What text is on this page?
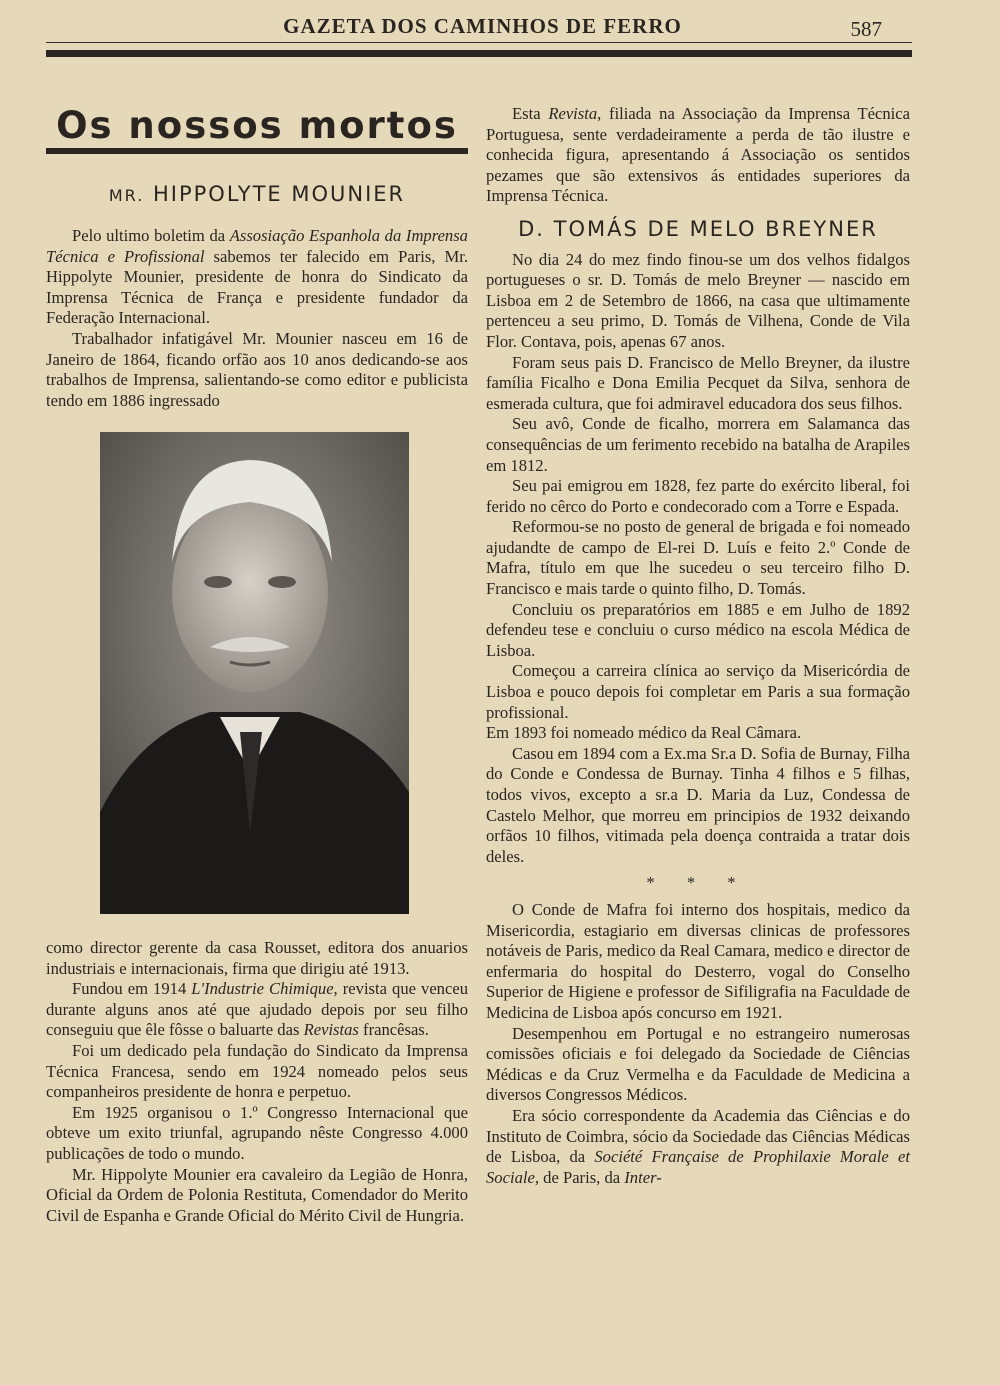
GAZETA DOS CAMINHOS DE FERRO	587
Os nossos mortos
MR. HIPPOLYTE MOUNIER

Pelo ultimo boletim da Assosiação Espanhola da Imprensa Técnica e Profissional sabemos ter falecido em Paris, Mr. Hippolyte Mounier, presidente de honra do Sindicato da Imprensa Técnica de França e presidente fundador da Federação Internacional.

Trabalhador infatigável Mr. Mounier nasceu em 16 de Janeiro de 1864, ficando orfão aos 10 anos dedicando-se aos trabalhos de Imprensa, salientando-se como editor e publicista tendo em 1886 ingressado

como director gerente da casa Rousset, editora dos anuarios industriais e internacionais, firma que dirigiu até 1913.

Fundou em 1914 L'Industrie Chimique, revista que venceu durante alguns anos até que ajudado depois por seu filho conseguiu que êle fôsse o baluarte das Revistas francêsas.

Foi um dedicado pela fundação do Sindicato da Imprensa Técnica Francesa, sendo em 1924 nomeado pelos seus companheiros presidente de honra e perpetuo.

Em 1925 organisou o 1.º Congresso Internacional que obteve um exito triunfal, agrupando nêste Congresso 4.000 publicações de todo o mundo.

Mr. Hippolyte Mounier era cavaleiro da Legião de Honra, Oficial da Ordem de Polonia Restituta, Comendador do Merito Civil de Espanha e Grande Oficial do Mérito Civil de Hungria.

Esta Revista, filiada na Associação da Imprensa Técnica Portuguesa, sente verdadeiramente a perda de tão ilustre e conhecida figura, apresentando á Associação os sentidos pezames que são extensivos ás entidades superiores da Imprensa Técnica.

D. TOMÁS DE MELO BREYNER

No dia 24 do mez findo finou-se um dos velhos fidalgos portugueses o sr. D. Tomás de melo Breyner — nascido em Lisboa em 2 de Setembro de 1866, na casa que ultimamente pertenceu a seu primo, D. Tomás de Vilhena, Conde de Vila Flor. Contava, pois, apenas 67 anos.

Foram seus pais D. Francisco de Mello Breyner, da ilustre família Ficalho e Dona Emilia Pecquet da Silva, senhora de esmerada cultura, que foi admiravel educadora dos seus filhos.

Seu avô, Conde de ficalho, morrera em Salamanca das consequências de um ferimento recebido na batalha de Arapiles em 1812.

Seu pai emigrou em 1828, fez parte do exército liberal, foi ferido no cêrco do Porto e condecorado com a Torre e Espada.

Reformou-se no posto de general de brigada e foi nomeado ajudandte de campo de El-rei D. Luís e feito 2.º Conde de Mafra, título em que lhe sucedeu o seu terceiro filho D. Francisco e mais tarde o quinto filho, D. Tomás.

Concluiu os preparatórios em 1885 e em Julho de 1892 defendeu tese e concluiu o curso médico na escola Médica de Lisboa.

Começou a carreira clínica ao serviço da Misericórdia de Lisboa e pouco depois foi completar em Paris a sua formação profissional.

Em 1893 foi nomeado médico da Real Câmara.

Casou em 1894 com a Ex.ma Sr.a D. Sofia de Burnay, Filha do Conde e Condessa de Burnay. Tinha 4 filhos e 5 filhas, todos vivos, excepto a sr.a D. Maria da Luz, Condessa de Castelo Melhor, que morreu em principios de 1932 deixando orfãos 10 filhos, vitimada pela doença contraida a tratar dois deles.

* * *

O Conde de Mafra foi interno dos hospitais, medico da Misericordia, estagiario em diversas clinicas de professores notáveis de Paris, medico da Real Camara, medico e director de enfermaria do hospital do Desterro, vogal do Conselho Superior de Higiene e professor de Sifiligrafia na Faculdade de Medicina de Lisboa após concurso em 1921.

Desempenhou em Portugal e no estrangeiro numerosas comissões oficiais e foi delegado da Sociedade de Ciências Médicas e da Cruz Vermelha e da Faculdade de Medicina a diversos Congressos Médicos.

Era sócio correspondente da Academia das Ciências e do Instituto de Coimbra, sócio da Sociedade das Ciências Médicas de Lisboa, da Société Française de Prophilaxie Morale et Sociale, de Paris, da Inter-
